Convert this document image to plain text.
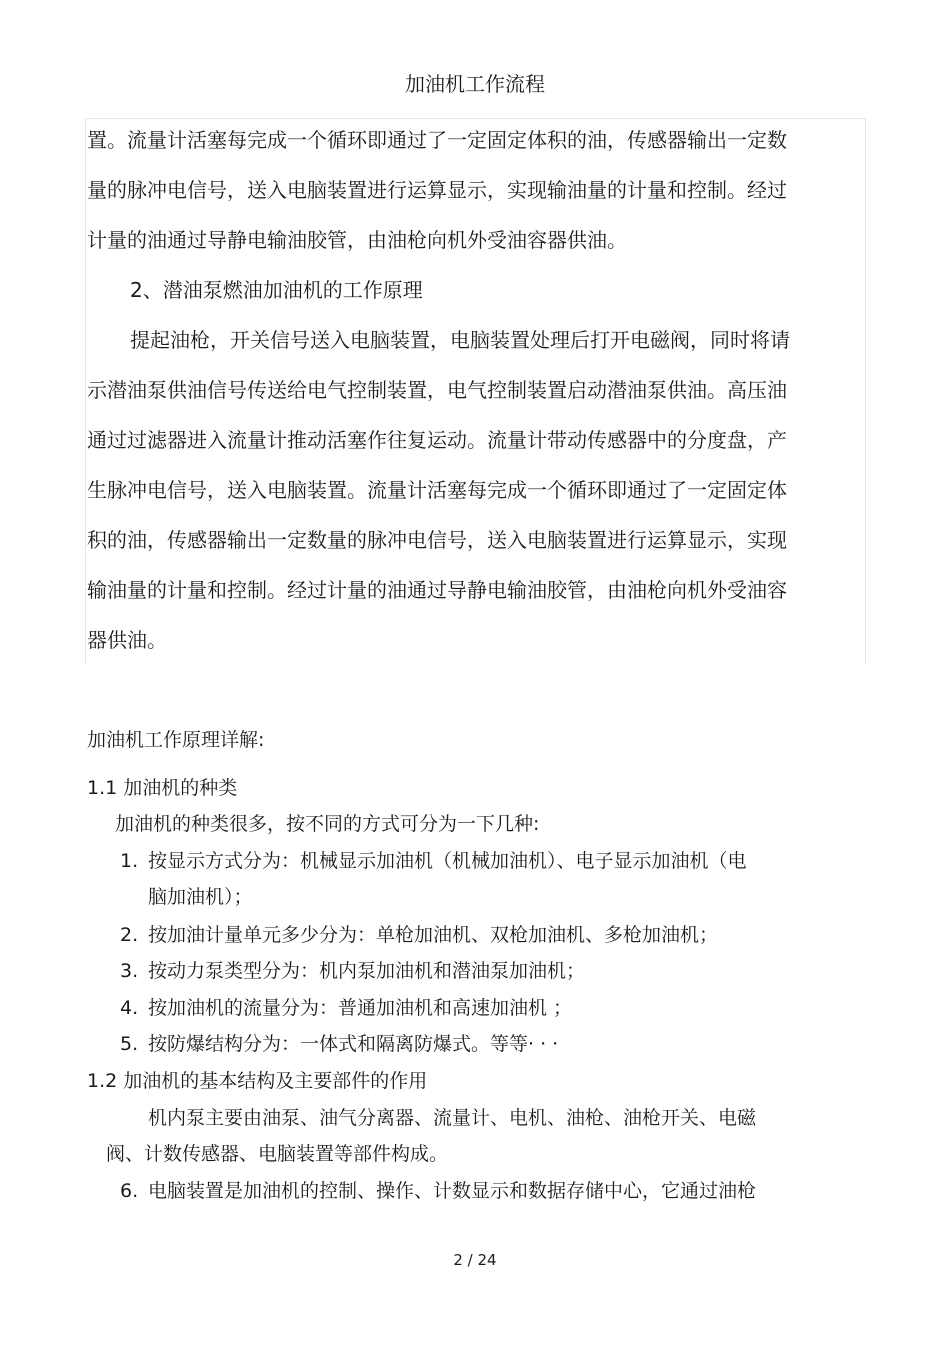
加油机工作流程
置。流量计活塞每完成一个循环即通过了一定固定体积的油，传感器输出一定数
量的脉冲电信号，送入电脑装置进行运算显示，实现输油量的计量和控制。经过
计量的油通过导静电输油胶管，由油枪向机外受油容器供油。
2、潜油泵燃油加油机的工作原理
提起油枪，开关信号送入电脑装置，电脑装置处理后打开电磁阀，同时将请
示潜油泵供油信号传送给电气控制装置，电气控制装置启动潜油泵供油。高压油
通过过滤器进入流量计推动活塞作往复运动。流量计带动传感器中的分度盘，产
生脉冲电信号，送入电脑装置。流量计活塞每完成一个循环即通过了一定固定体
积的油，传感器输出一定数量的脉冲电信号，送入电脑装置进行运算显示，实现
输油量的计量和控制。经过计量的油通过导静电输油胶管，由油枪向机外受油容
器供油。
加油机工作原理详解:
1.1 加油机的种类
加油机的种类很多，按不同的方式可分为一下几种:
1. 按显示方式分为：机械显示加油机（机械加油机）、电子显示加油机（电
脑加油机）；
2. 按加油计量单元多少分为：单枪加油机、双枪加油机、多枪加油机；
3. 按动力泵类型分为：机内泵加油机和潜油泵加油机；
4. 按加油机的流量分为：普通加油机和高速加油机 ；
5. 按防爆结构分为：一体式和隔离防爆式。等等· · ·
1.2 加油机的基本结构及主要部件的作用
机内泵主要由油泵、油气分离器、流量计、电机、油枪、油枪开关、电磁
阀、计数传感器、电脑装置等部件构成。
6. 电脑装置是加油机的控制、操作、计数显示和数据存储中心，它通过油枪
2 / 24
